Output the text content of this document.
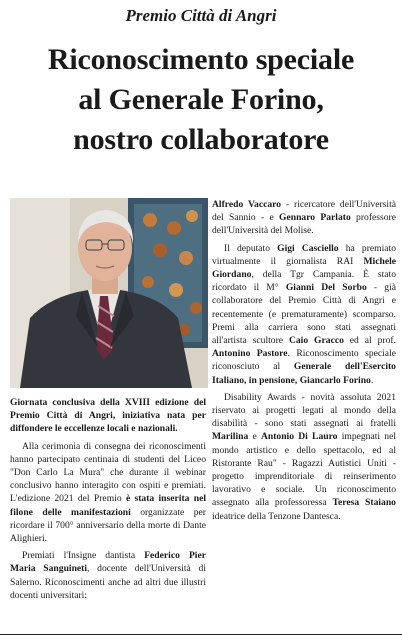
Premio Città di Angri
Riconoscimento speciale
al Generale Forino,
nostro collaboratore

Giornata conclusiva della XVIII edizione del Premio Città di Angri, iniziativa nata per diffondere le eccellenze locali e nazionali.

Alla cerimonia di consegna dei riconoscimenti hanno partecipato centinaia di studenti del Liceo "Don Carlo La Mura" che durante il webinar conclusivo hanno interagito con ospiti e premiati. L'edizione 2021 del Premio è stata inserita nel filone delle manifestazioni organizzate per ricordare il 700° anniversario della morte di Dante Alighieri.

Premiati l'Insigne dantista Federico Pier Maria Sanguineti, docente dell'Università di Salerno. Riconoscimenti anche ad altri due illustri docenti universitari:

Alfredo Vaccaro - ricercatore dell'Università del Sannio - e Gennaro Parlato professore dell'Università del Molise.

Il deputato Gigi Casciello ha premiato virtualmente il giornalista RAI Michele Giordano, della Tgr Campania. È stato ricordato il M° Gianni Del Sorbo - già collaboratore del Premio Città di Angri e recentemente (e prematuramente) scomparso. Premi alla carriera sono stati assegnati all'artista scultore Caio Gracco ed al prof. Antonino Pastore. Riconoscimento speciale riconosciuto al Generale dell'Esercito Italiano, in pensione, Giancarlo Forino.

Disability Awards - novità assoluta 2021 riservato ai progetti legati al mondo della disabilità - sono stati assegnati ai fratelli Marilina e Antonio Di Lauro impegnati nel mondo artistico e dello spettacolo, ed al Ristorante Rau" - Ragazzi Autistici Uniti - progetto imprenditoriale di reinserimento lavorativo e sociale. Un riconoscimento assegnato alla professoressa Teresa Staiano ideatrice della Tenzone Dantesca.
